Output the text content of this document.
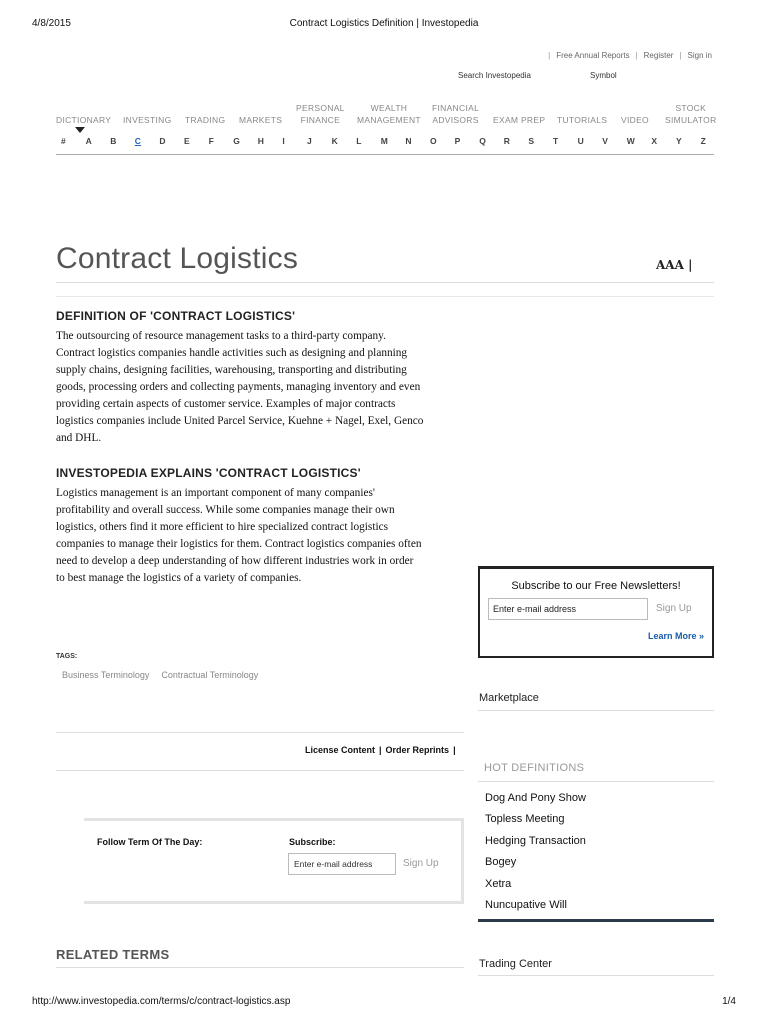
4/8/2015	Contract Logistics Definition | Investopedia
| Free Annual Reports | Register | Sign in
Search Investopedia	Symbol
DICTIONARY INVESTING TRADING MARKETS
PERSONAL
FINANCE
WEALTH
MANAGEMENT
FINANCIAL
ADVISORS EXAM PREP TUTORIALS VIDEO
STOCK
SIMULATOR
# A B C D E F G H I	J K L M N O P Q R S T U V W X Y Z
Contract Logistics	AAA |
DEFINITION OF 'CONTRACT LOGISTICS'
The outsourcing of resource management tasks to a third-party company.
Contract logistics companies handle activities such as designing and planning
supply chains, designing facilities, warehousing, transporting and distributing
goods, processing orders and collecting payments, managing inventory and even
providing certain aspects of customer service. Examples of major contracts
logistics companies include United Parcel Service, Kuehne + Nagel, Exel, Genco
and DHL.
INVESTOPEDIA EXPLAINS 'CONTRACT LOGISTICS'
Logistics management is an important component of many companies'
profitability and overall success. While some companies manage their own
logistics, others find it more efficient to hire specialized contract logistics
companies to manage their logistics for them. Contract logistics companies often
need to develop a deep understanding of how different industries work in order
to best manage the logistics of a variety of companies.
TAGS:
Business Terminology Contractual Terminology
License Content | Order Reprints |
Follow Term Of The Day:	Subscribe:
Enter e-mail address	Sign Up
RELATED TERMS
Subscribe to our Free Newsletters!
Enter e-mail address	Sign Up
Learn More »
Marketplace
HOT DEFINITIONS
Dog And Pony Show
Topless Meeting
Hedging Transaction
Bogey
Xetra
Nuncupative Will
Trading Center
http://www.investopedia.com/terms/c/contract-logistics.asp	1/4
